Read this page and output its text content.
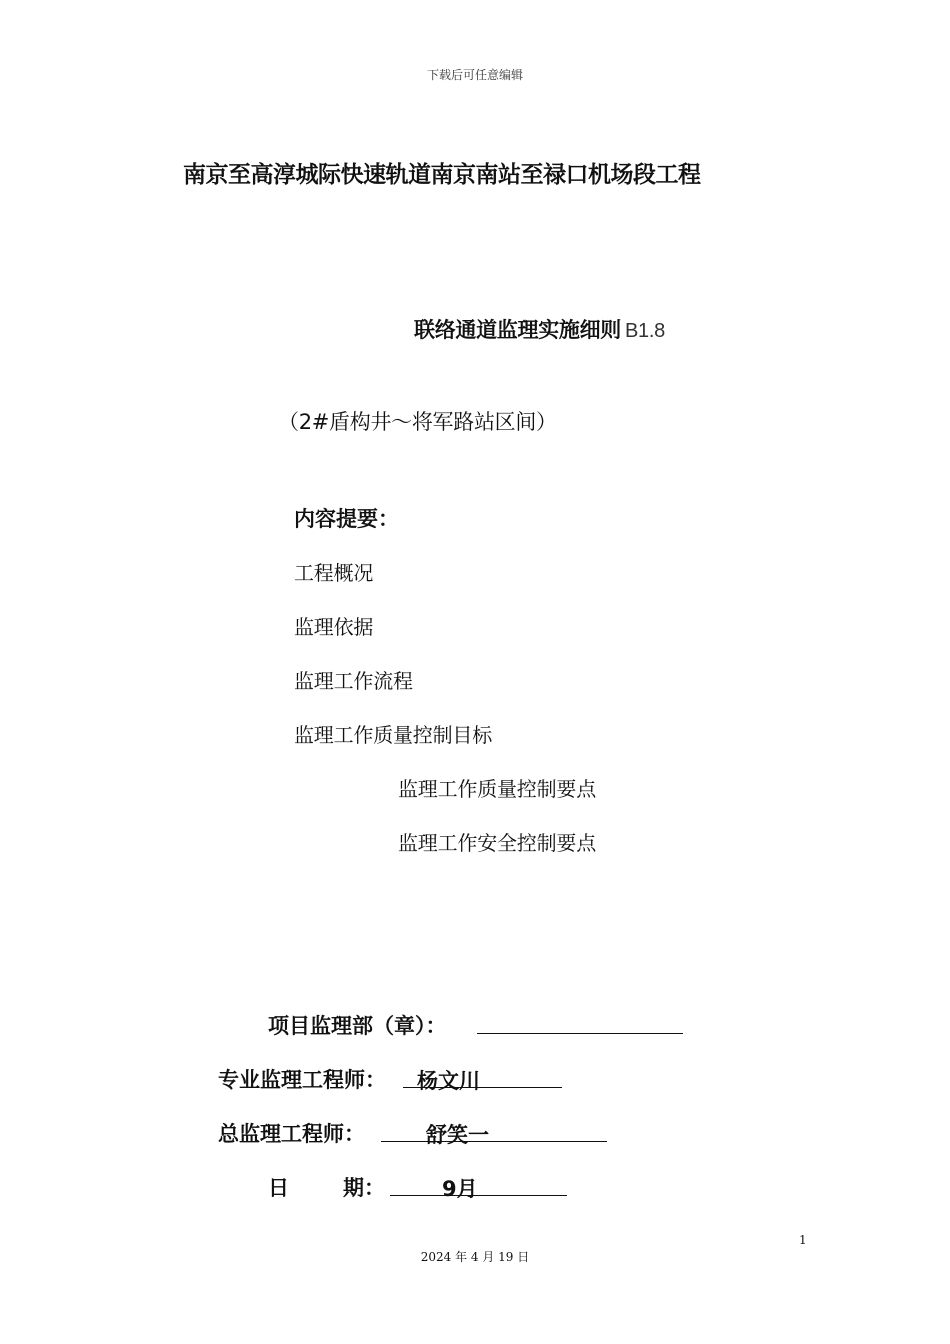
下载后可任意编辑
南京至高淳城际快速轨道南京南站至禄口机场段工程
联络通道监理实施细则 B1.8
（2#盾构井～将军路站区间）
内容提要：
工程概况
监理依据
监理工作流程
监理工作质量控制目标
监理工作质量控制要点
监理工作安全控制要点
项目监理部（章）：
专业监理工程师：	杨文川
总监理工程师：	舒笑一
日	期：	9月
1
2024 年 4 月 19 日
